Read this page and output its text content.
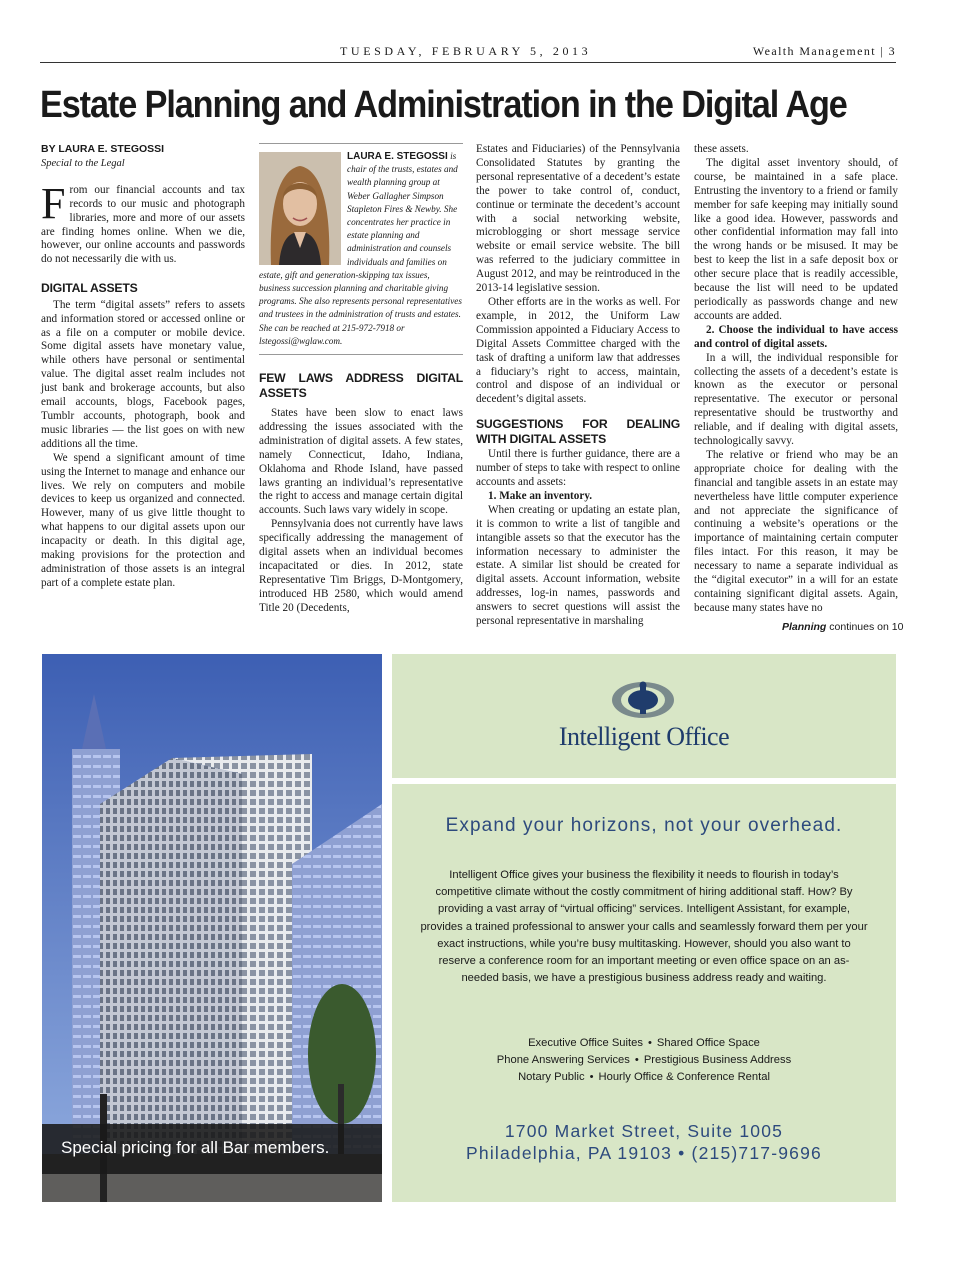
TUESDAY, FEBRUARY 5, 2013	Wealth Management | 3
Estate Planning and Administration in the Digital Age
BY LAURA E. STEGOSSI
Special to the Legal

From our financial accounts and tax records to our music and photograph libraries, more and more of our assets are finding homes online. When we die, however, our online accounts and passwords do not necessarily die with us.

DIGITAL ASSETS

The term “digital assets” refers to assets and information stored or accessed online or as a file on a computer or mobile device. Some digital assets have monetary value, while others have personal or sentimental value. The digital asset realm includes not just bank and brokerage accounts, but also email accounts, blogs, Facebook pages, Tumblr accounts, photograph, book and music libraries — the list goes on with new additions all the time.

We spend a significant amount of time using the Internet to manage and enhance our lives. We rely on computers and mobile devices to keep us organized and connected. However, many of us give little thought to what happens to our digital assets upon our incapacity or death. In this digital age, making provisions for the protection and administration of those assets is an integral part of a complete estate plan.

LAURA E. STEGOSSI is chair of the trusts, estates and wealth planning group at Weber Gallagher Simpson Stapleton Fires & Newby. She concentrates her practice in estate planning and administration and counsels individuals and families on estate, gift and generation-skipping tax issues, business succession planning and charitable giving programs. She also represents personal representatives and trustees in the administration of trusts and estates. She can be reached at 215-972-7918 or lstegossi@wglaw.com.
FEW LAWS ADDRESS DIGITAL ASSETS

States have been slow to enact laws addressing the issues associated with the administration of digital assets. A few states, namely Connecticut, Idaho, Indiana, Oklahoma and Rhode Island, have passed laws granting an individual’s representative the right to access and manage certain digital accounts. Such laws vary widely in scope.

Pennsylvania does not currently have laws specifically addressing the management of digital assets when an individual becomes incapacitated or dies. In 2012, state Representative Tim Briggs, D-Montgomery, introduced HB 2580, which would amend Title 20 (Decedents,

Estates and Fiduciaries) of the Pennsylvania Consolidated Statutes by granting the personal representative of a decedent’s estate the power to take control of, conduct, continue or terminate the decedent’s account with a social networking website, microblogging or short message service website or email service website. The bill was referred to the judiciary committee in August 2012, and may be reintroduced in the 2013-14 legislative session.

Other efforts are in the works as well. For example, in 2012, the Uniform Law Commission appointed a Fiduciary Access to Digital Assets Committee charged with the task of drafting a uniform law that addresses a fiduciary’s right to access, maintain, control and dispose of an individual or decedent’s digital assets.

SUGGESTIONS FOR DEALING WITH DIGITAL ASSETS

Until there is further guidance, there are a number of steps to take with respect to online accounts and assets:

1. Make an inventory.

When creating or updating an estate plan, it is common to write a list of tangible and intangible assets so that the executor has the information necessary to administer the estate. A similar list should be created for digital assets. Account information, website addresses, log-in names, passwords and answers to secret questions will assist the personal representative in marshaling

these assets.

The digital asset inventory should, of course, be maintained in a safe place. Entrusting the inventory to a friend or family member for safe keeping may initially sound like a good idea. However, passwords and other confidential information may fall into the wrong hands or be misused. It may be best to keep the list in a safe deposit box or other secure place that is readily accessible, because the list will need to be updated periodically as passwords change and new accounts are added.

2. Choose the individual to have access and control of digital assets.

In a will, the individual responsible for collecting the assets of a decedent’s estate is known as the executor or personal representative. The executor or personal representative should be trustworthy and reliable, and if dealing with digital assets, technologically savvy.

The relative or friend who may be an appropriate choice for dealing with the financial and tangible assets in an estate may nevertheless have little computer experience and not appreciate the significance of continuing a website’s operations or the importance of maintaining certain computer files intact. For this reason, it may be necessary to name a separate individual as the “digital executor” in a will for an estate containing significant digital assets. Again, because many states have no

Planning continues on 10
Special pricing for all Bar members.
Intelligent Office
Expand your horizons, not your overhead.
Intelligent Office gives your business the flexibility it needs to flourish in today’s competitive climate without the costly commitment of hiring additional staff. How? By providing a vast array of “virtual officing” services. Intelligent Assistant, for example, provides a trained professional to answer your calls and seamlessly forward them per your exact instructions, while you’re busy multitasking. However, should you also want to reserve a conference room for an important meeting or even office space on an as-needed basis, we have a prestigious business address ready and waiting.
Executive Office Suites • Shared Office Space
Phone Answering Services • Prestigious Business Address
Notary Public • Hourly Office & Conference Rental
1700 Market Street, Suite 1005
Philadelphia, PA 19103 • (215)717-9696
